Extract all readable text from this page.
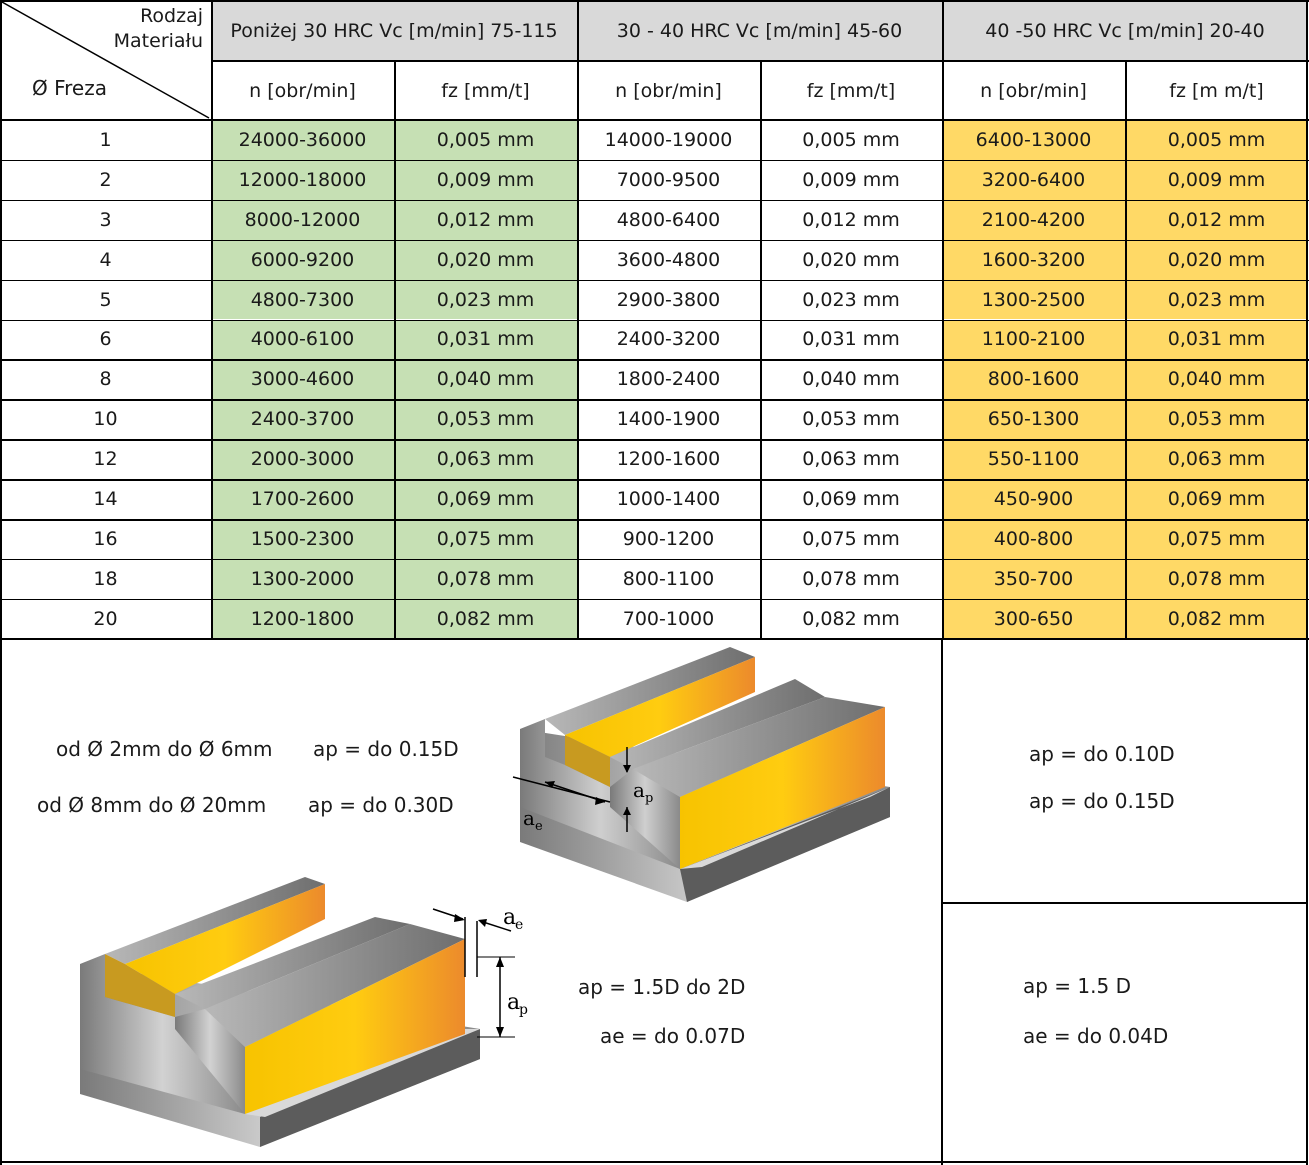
Poniżej 30 HRC Vc [m/min] 75-115	30 - 40 HRC Vc [m/min] 45-60	40 -50 HRC Vc [m/min] 20-40
n [obr/min]	fz [mm/t]	n [obr/min]	fz [mm/t]	n [obr/min]	fz [m m/t]
Rodzaj
Materiału
Ø Freza
1	24000-36000	0,005 mm	14000-19000	0,005 mm	6400-13000	0,005 mm
2	12000-18000	0,009 mm	7000-9500	0,009 mm	3200-6400	0,009 mm
3	8000-12000	0,012 mm	4800-6400	0,012 mm	2100-4200	0,012 mm
4	6000-9200	0,020 mm	3600-4800	0,020 mm	1600-3200	0,020 mm
5	4800-7300	0,023 mm	2900-3800	0,023 mm	1300-2500	0,023 mm
6	4000-6100	0,031 mm	2400-3200	0,031 mm	1100-2100	0,031 mm
8	3000-4600	0,040 mm	1800-2400	0,040 mm	800-1600	0,040 mm
10	2400-3700	0,053 mm	1400-1900	0,053 mm	650-1300	0,053 mm
12	2000-3000	0,063 mm	1200-1600	0,063 mm	550-1100	0,063 mm
14	1700-2600	0,069 mm	1000-1400	0,069 mm	450-900	0,069 mm
16	1500-2300	0,075 mm	900-1200	0,075 mm	400-800	0,075 mm
18	1300-2000	0,078 mm	800-1100	0,078 mm	350-700	0,078 mm
20	1200-1800	0,082 mm	700-1000	0,082 mm	300-650	0,082 mm
od Ø 2mm do Ø 6mm ap = do 0.15D
od Ø 8mm do Ø 20mm ap = do 0.30D
ap = do 0.10D
ap = do 0.15D
ap = 1.5D do 2D
ae = do 0.07D
ap = 1.5 D
ae = do 0.04D
a p
a e
a
e
a
p
